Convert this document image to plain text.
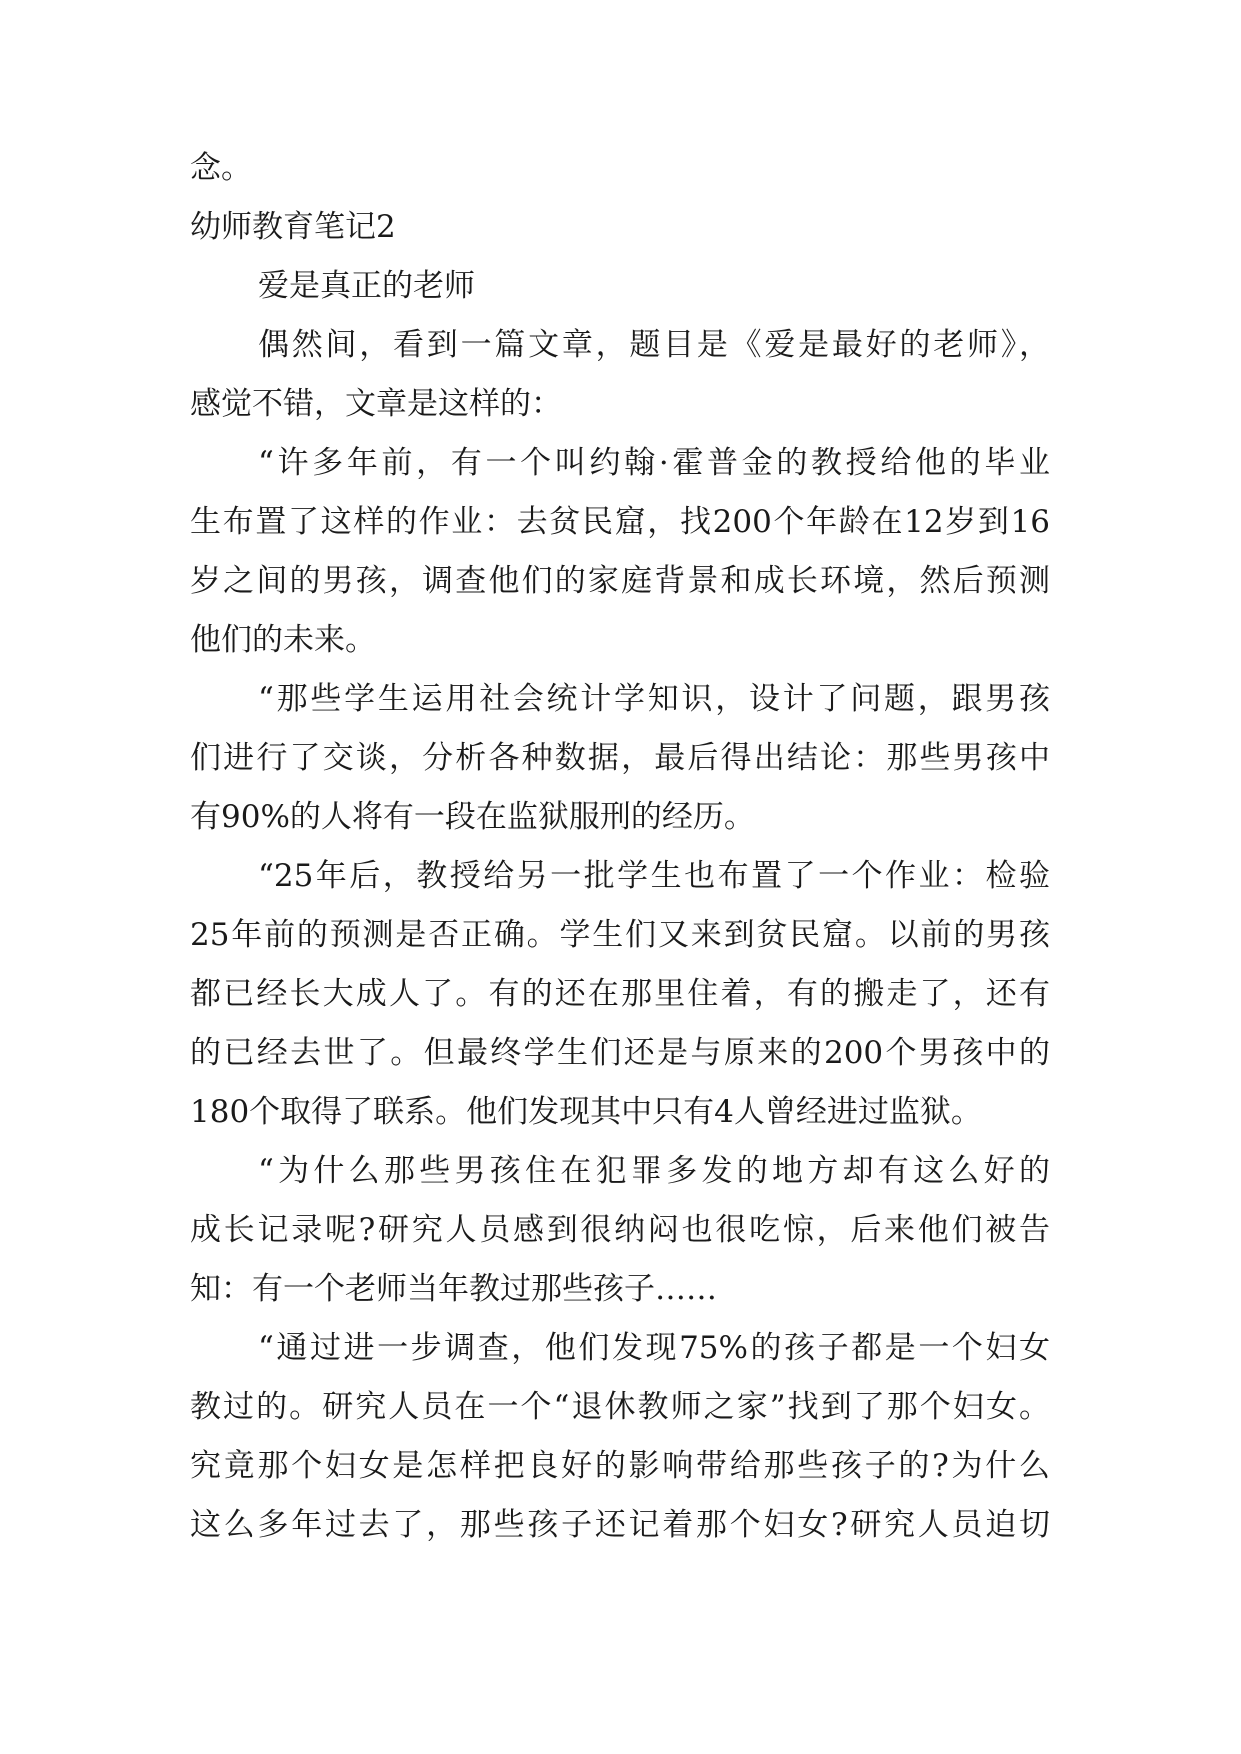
念。
幼师教育笔记2
爱是真正的老师
偶然间，看到一篇文章，题目是《爱是最好的老师》，
感觉不错，文章是这样的：
“许多年前，有一个叫约翰·霍普金的教授给他的毕业
生布置了这样的作业：去贫民窟，找200个年龄在12岁到16
岁之间的男孩，调查他们的家庭背景和成长环境，然后预测
他们的未来。
“那些学生运用社会统计学知识，设计了问题，跟男孩
们进行了交谈，分析各种数据，最后得出结论：那些男孩中
有90%的人将有一段在监狱服刑的经历。
“25年后，教授给另一批学生也布置了一个作业：检验
25年前的预测是否正确。学生们又来到贫民窟。以前的男孩
都已经长大成人了。有的还在那里住着，有的搬走了，还有
的已经去世了。但最终学生们还是与原来的200个男孩中的
180个取得了联系。他们发现其中只有4人曾经进过监狱。
“为什么那些男孩住在犯罪多发的地方却有这么好的
成长记录呢?研究人员感到很纳闷也很吃惊，后来他们被告
知：有一个老师当年教过那些孩子……
“通过进一步调查，他们发现75%的孩子都是一个妇女
教过的。研究人员在一个“退休教师之家”找到了那个妇女。
究竟那个妇女是怎样把良好的影响带给那些孩子的?为什么
这么多年过去了，那些孩子还记着那个妇女?研究人员迫切
